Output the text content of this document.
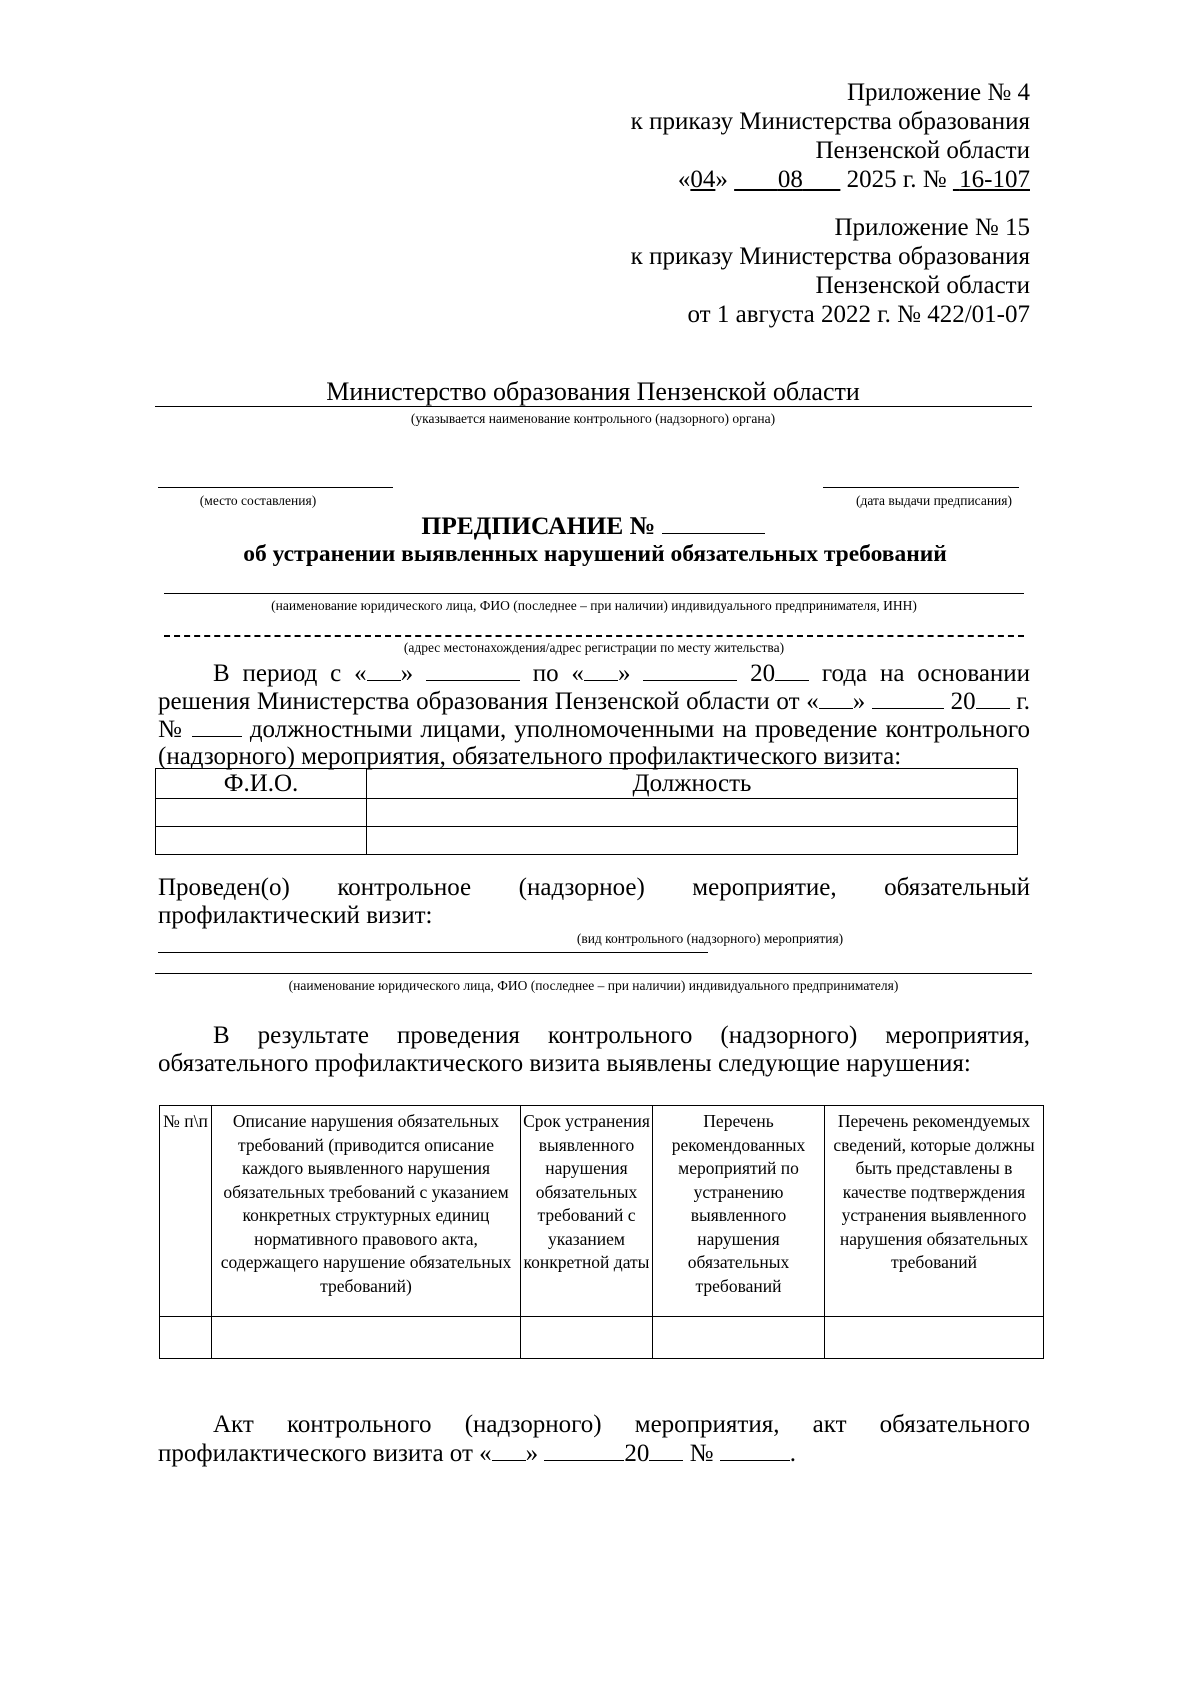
Приложение № 4
к приказу Министерства образования
Пензенской области
«04» 08 2025 г. № 16-107
Приложение № 15
к приказу Министерства образования
Пензенской области
от 1 августа 2022 г. № 422/01-07
Министерство образования Пензенской области
(указывается наименование контрольного (надзорного) органа)
(место составления)	(дата выдачи предписания)
ПРЕДПИСАНИЕ №
об устранении выявленных нарушений обязательных требований
(наименование юридического лица, ФИО (последнее – при наличии) индивидуального предпринимателя, ИНН)
(адрес местонахождения/адрес регистрации по месту жительства)
В период с « »	по « »	20 года на основании
решения Министерства образования Пензенской области от « »	20 г.
№	должностными лицами, уполномоченными на проведение контрольного
(надзорного) мероприятия, обязательного профилактического визита:
Ф.И.О.	Должность

Проведен(о) контрольное (надзорное) мероприятие, обязательный
профилактический визит:
(вид контрольного (надзорного) мероприятия)
(наименование юридического лица, ФИО (последнее – при наличии) индивидуального предпринимателя)
В результате проведения контрольного (надзорного) мероприятия,
обязательного профилактического визита выявлены следующие нарушения:
№ п\п	Описание нарушения обязательных требований (приводится описание каждого выявленного нарушения обязательных требований с указанием конкретных структурных единиц нормативного правового акта, содержащего нарушение обязательных требований)	Срок устранения выявленного нарушения обязательных требований с указанием конкретной даты	Перечень рекомендованных мероприятий по устранению выявленного нарушения обязательных требований	Перечень рекомендуемых сведений, которые должны быть представлены в качестве подтверждения устранения выявленного нарушения обязательных требований

Акт контрольного (надзорного) мероприятия, акт обязательного
профилактического визита от « »	20 №	.
